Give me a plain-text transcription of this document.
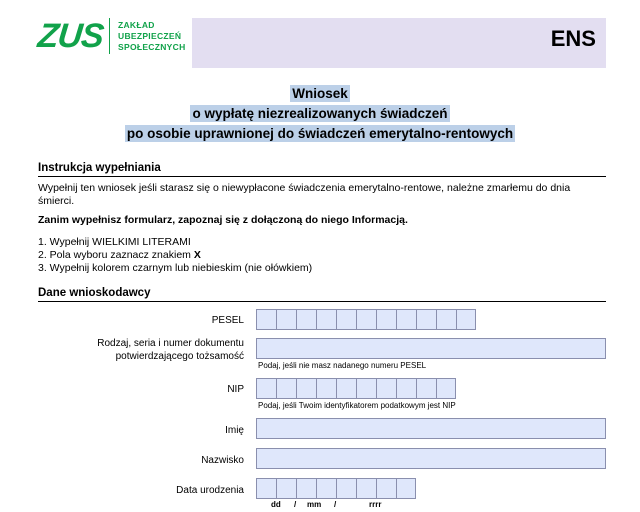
ZUS ZAKŁAD
UBEZPIECZEŃ
SPOŁECZNYCH	ENS
Wniosek
o wypłatę niezrealizowanych świadczeń
po osobie uprawnionej do świadczeń emerytalno-rentowych
Instrukcja wypełniania
Wypełnij ten wniosek jeśli starasz się o niewypłacone świadczenia emerytalno-rentowe, należne zmarłemu do dnia śmierci.
Zanim wypełnisz formularz, zapoznaj się z dołączoną do niego Informacją.
1. Wypełnij WIELKIMI LITERAMI
2. Pola wyboru zaznacz znakiem X
3. Wypełnij kolorem czarnym lub niebieskim (nie ołówkiem)
Dane wnioskodawcy
PESEL
Rodzaj, seria i numer dokumentu
potwierdzającego tożsamość
Podaj, jeśli nie masz nadanego numeru PESEL
NIP
Podaj, jeśli Twoim identyfikatorem podatkowym jest NIP
Imię
Nazwisko
Data urodzenia
dd / mm /	rrrr
